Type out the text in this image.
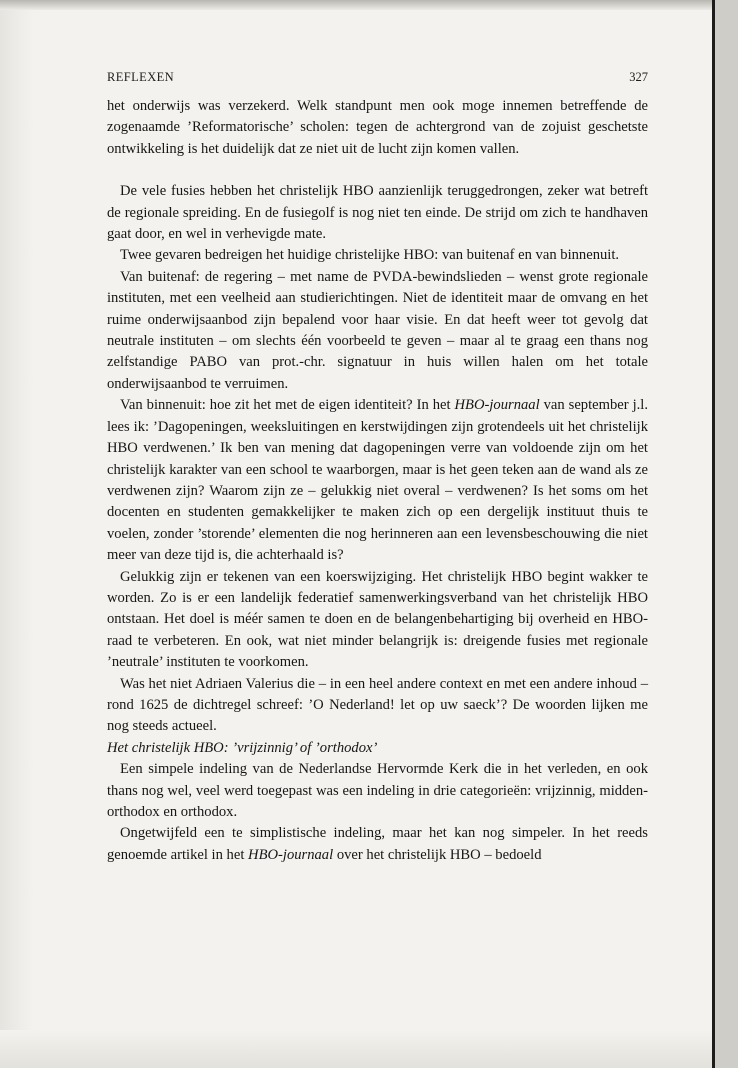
REFLEXEN	327

het onderwijs was verzekerd. Welk standpunt men ook moge innemen betreffende de zogenaamde ’Reformatorische’ scholen: tegen de achtergrond van de zojuist geschetste ontwikkeling is het duidelijk dat ze niet uit de lucht zijn komen vallen.

De vele fusies hebben het christelijk HBO aanzienlijk teruggedrongen, zeker wat betreft de regionale spreiding. En de fusiegolf is nog niet ten einde. De strijd om zich te handhaven gaat door, en wel in verhevigde mate.

Twee gevaren bedreigen het huidige christelijke HBO: van buitenaf en van binnenuit.

Van buitenaf: de regering – met name de PVDA-bewindslieden – wenst grote regionale instituten, met een veelheid aan studierichtingen. Niet de identiteit maar de omvang en het ruime onderwijsaanbod zijn bepalend voor haar visie. En dat heeft weer tot gevolg dat neutrale instituten – om slechts één voorbeeld te geven – maar al te graag een thans nog zelfstandige PABO van prot.-chr. signatuur in huis willen halen om het totale onderwijsaanbod te verruimen.

Van binnenuit: hoe zit het met de eigen identiteit? In het HBO-journaal van september j.l. lees ik: ’Dagopeningen, weeksluitingen en kerstwijdingen zijn grotendeels uit het christelijk HBO verdwenen.’ Ik ben van mening dat dagopeningen verre van voldoende zijn om het christelijk karakter van een school te waarborgen, maar is het geen teken aan de wand als ze verdwenen zijn? Waarom zijn ze – gelukkig niet overal – verdwenen? Is het soms om het docenten en studenten gemakkelijker te maken zich op een dergelijk instituut thuis te voelen, zonder ’storende’ elementen die nog herinneren aan een levensbeschouwing die niet meer van deze tijd is, die achterhaald is?

Gelukkig zijn er tekenen van een koerswijziging. Het christelijk HBO begint wakker te worden. Zo is er een landelijk federatief samenwerkingsverband van het christelijk HBO ontstaan. Het doel is méér samen te doen en de belangenbehartiging bij overheid en HBO-raad te verbeteren. En ook, wat niet minder belangrijk is: dreigende fusies met regionale ’neutrale’ instituten te voorkomen.

Was het niet Adriaen Valerius die – in een heel andere context en met een andere inhoud – rond 1625 de dichtregel schreef: ’O Nederland! let op uw saeck’? De woorden lijken me nog steeds actueel.

Het christelijk HBO: ’vrijzinnig’ of ’orthodox’

Een simpele indeling van de Nederlandse Hervormde Kerk die in het verleden, en ook thans nog wel, veel werd toegepast was een indeling in drie categorieën: vrijzinnig, midden-orthodox en orthodox.

Ongetwijfeld een te simplistische indeling, maar het kan nog simpeler. In het reeds genoemde artikel in het HBO-journaal over het christelijk HBO – bedoeld
